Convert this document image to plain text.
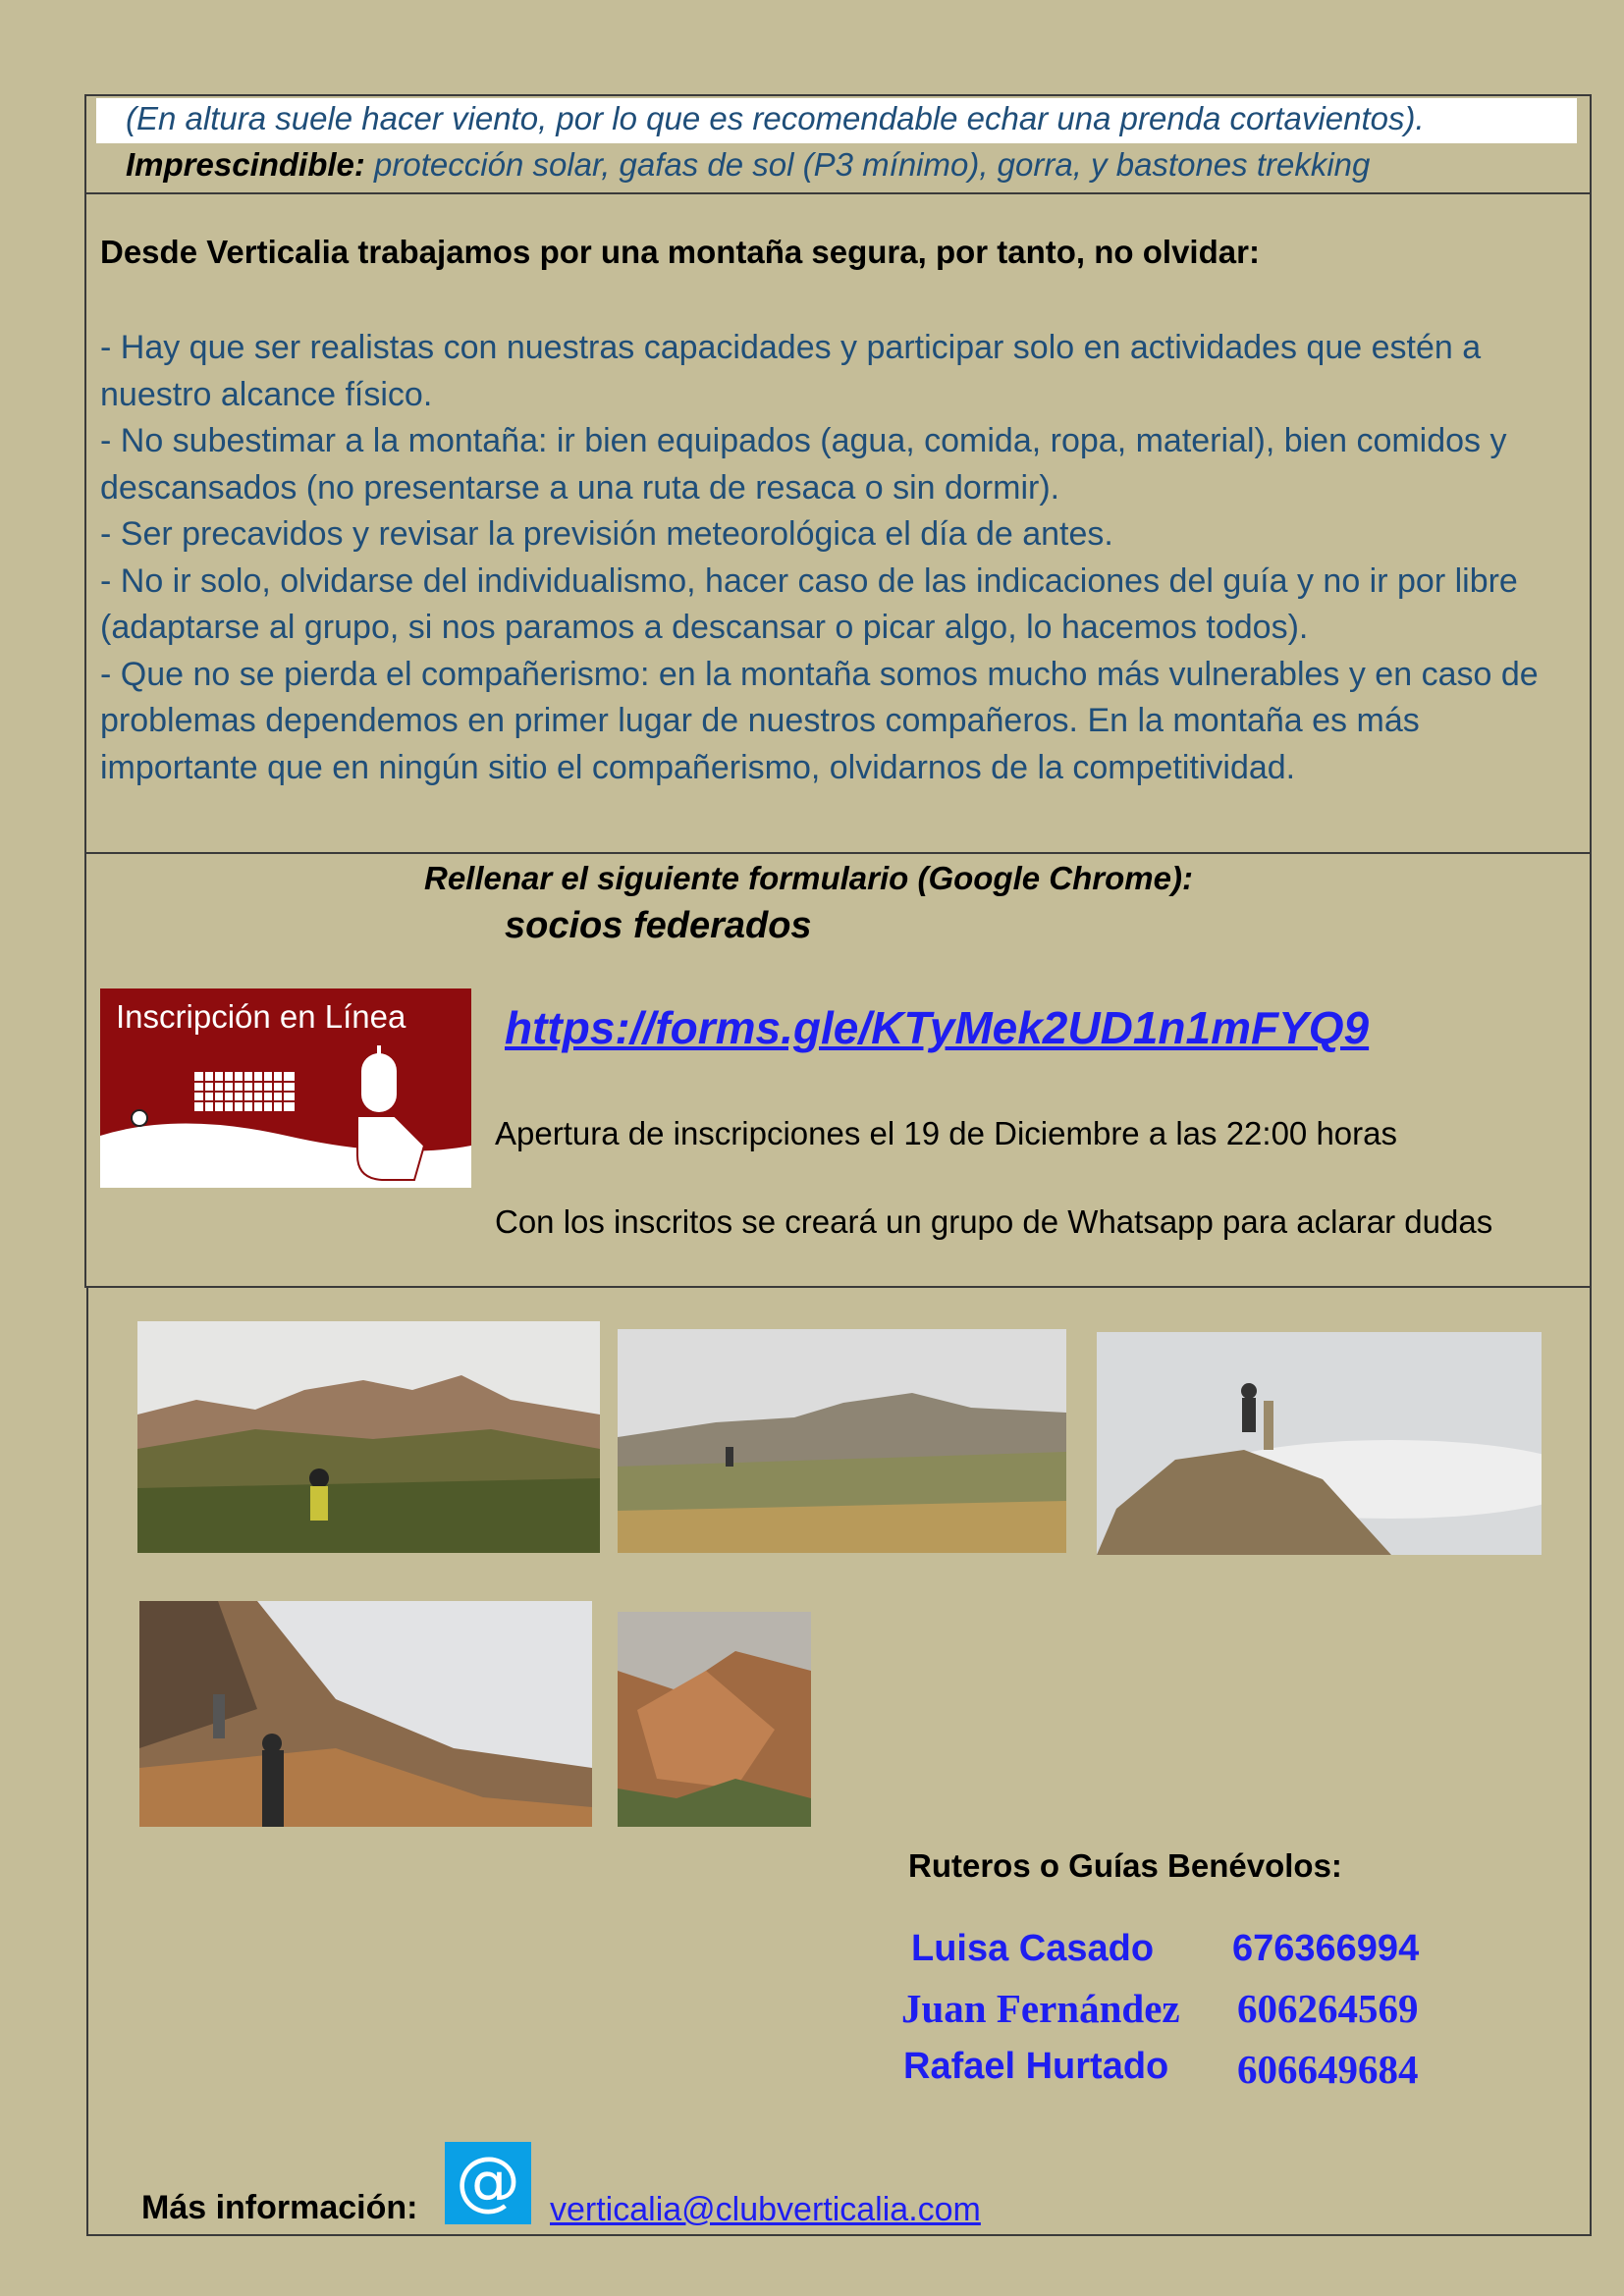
(En altura suele hacer viento, por lo que es recomendable echar una prenda cortavientos).
Imprescindible: protección solar, gafas de sol (P3 mínimo), gorra, y bastones trekking
Desde Verticalia trabajamos por una montaña segura, por tanto, no olvidar:
- Hay que ser realistas con nuestras capacidades y participar solo en actividades que estén a nuestro alcance físico.
- No subestimar a la montaña: ir bien equipados (agua, comida, ropa, material), bien comidos y descansados (no presentarse a una ruta de resaca o sin dormir).
- Ser precavidos y revisar la previsión meteorológica el día de antes.
- No ir solo, olvidarse del individualismo, hacer caso de las indicaciones del guía y no ir por libre (adaptarse al grupo, si nos paramos a descansar o picar algo, lo hacemos todos).
- Que no se pierda el compañerismo: en la montaña somos mucho más vulnerables y en caso de problemas dependemos en primer lugar de nuestros compañeros. En la montaña es más importante que en ningún sitio el compañerismo, olvidarnos de la competitividad.
Rellenar el siguiente formulario (Google Chrome):
socios federados
Inscripción en Línea https://forms.gle/KTyMek2UD1n1mFYQ9
Apertura de inscripciones el 19 de Diciembre a las 22:00 horas
Con los inscritos se creará un grupo de Whatsapp para aclarar dudas
Ruteros o Guías Benévolos:
Luisa Casado 676366994
Juan Fernández 606264569
Rafael Hurtado 606649684
Más información: @ verticalia@clubverticalia.com
